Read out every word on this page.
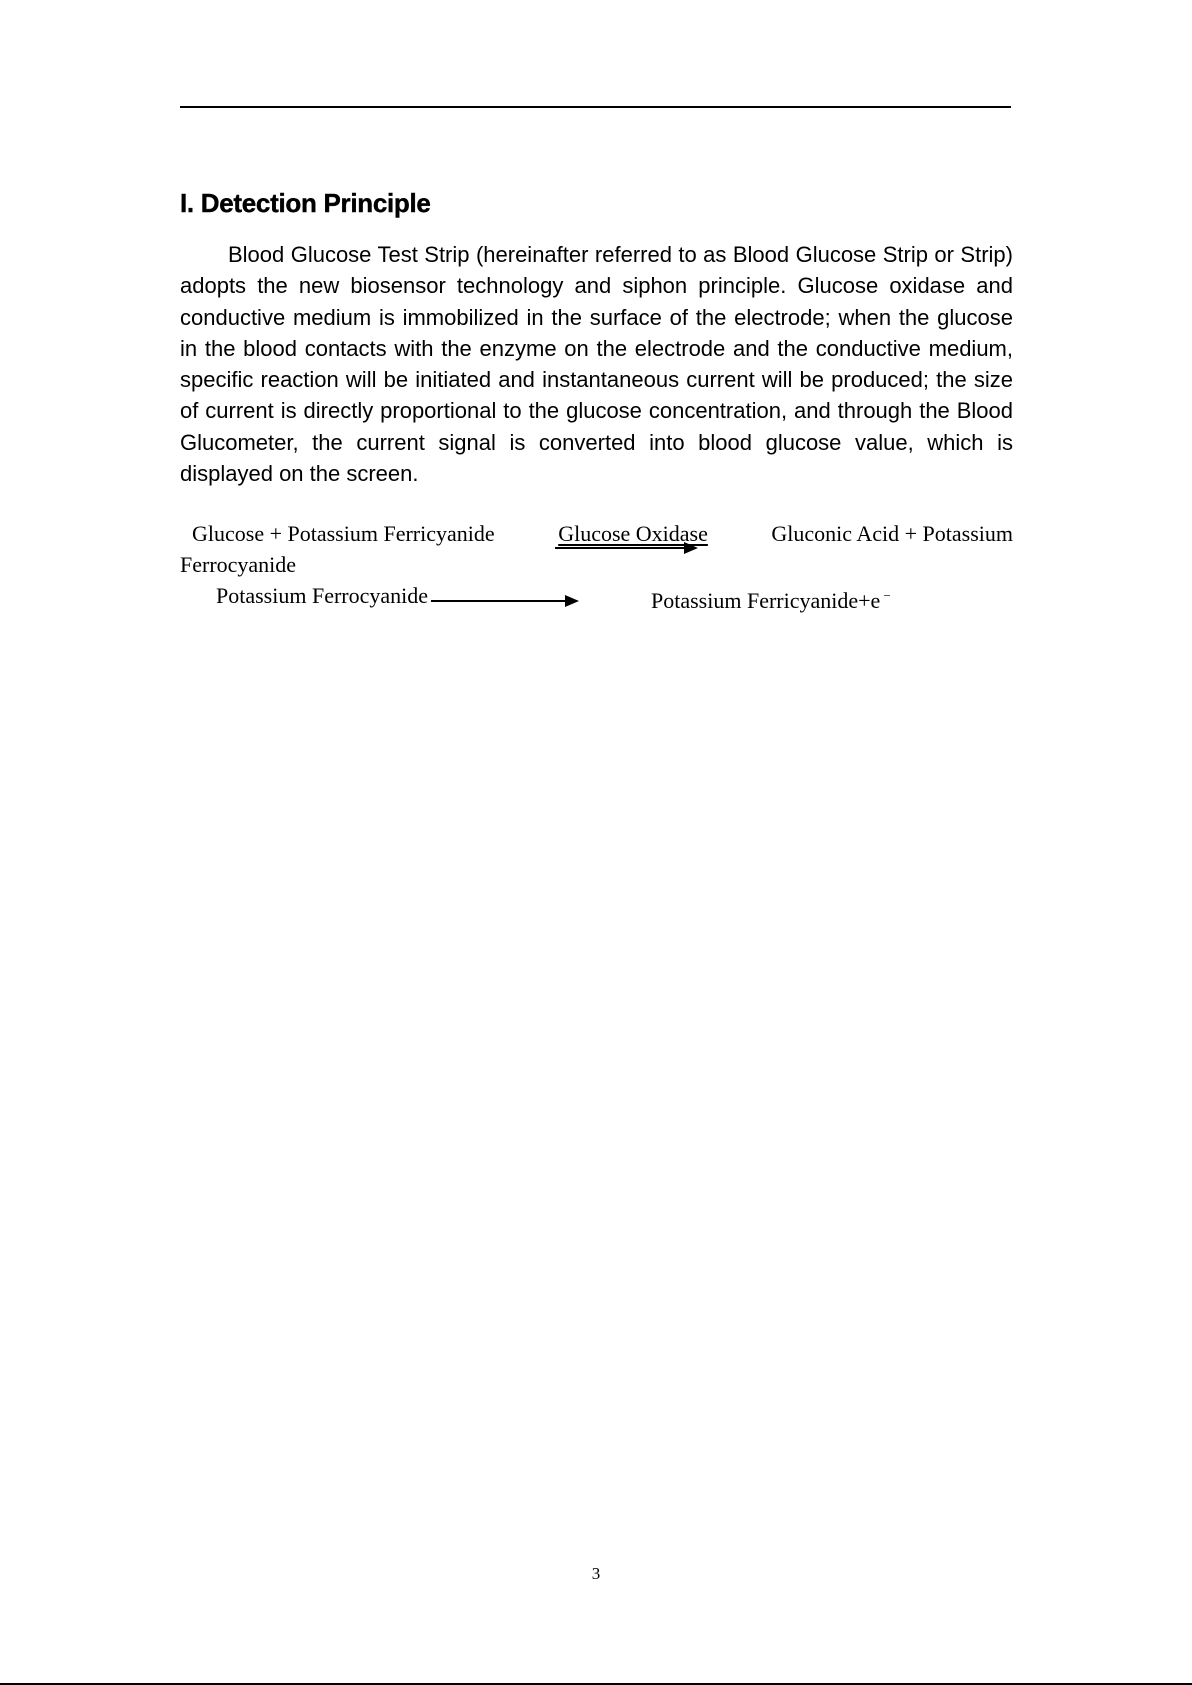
I. Detection Principle

Blood Glucose Test Strip (hereinafter referred to as Blood Glucose Strip or Strip) adopts the new biosensor technology and siphon principle. Glucose oxidase and conductive medium is immobilized in the surface of the electrode; when the glucose in the blood contacts with the enzyme on the electrode and the conductive medium, specific reaction will be initiated and instantaneous current will be produced; the size of current is directly proportional to the glucose concentration, and through the Blood Glucometer, the current signal is converted into blood glucose value, which is displayed on the screen.

Glucose + Potassium Ferricyanide	Glucose Oxidase	Gluconic Acid + Potassium
Ferrocyanide
Potassium Ferrocyanide	Potassium Ferricyanide+e −
3
